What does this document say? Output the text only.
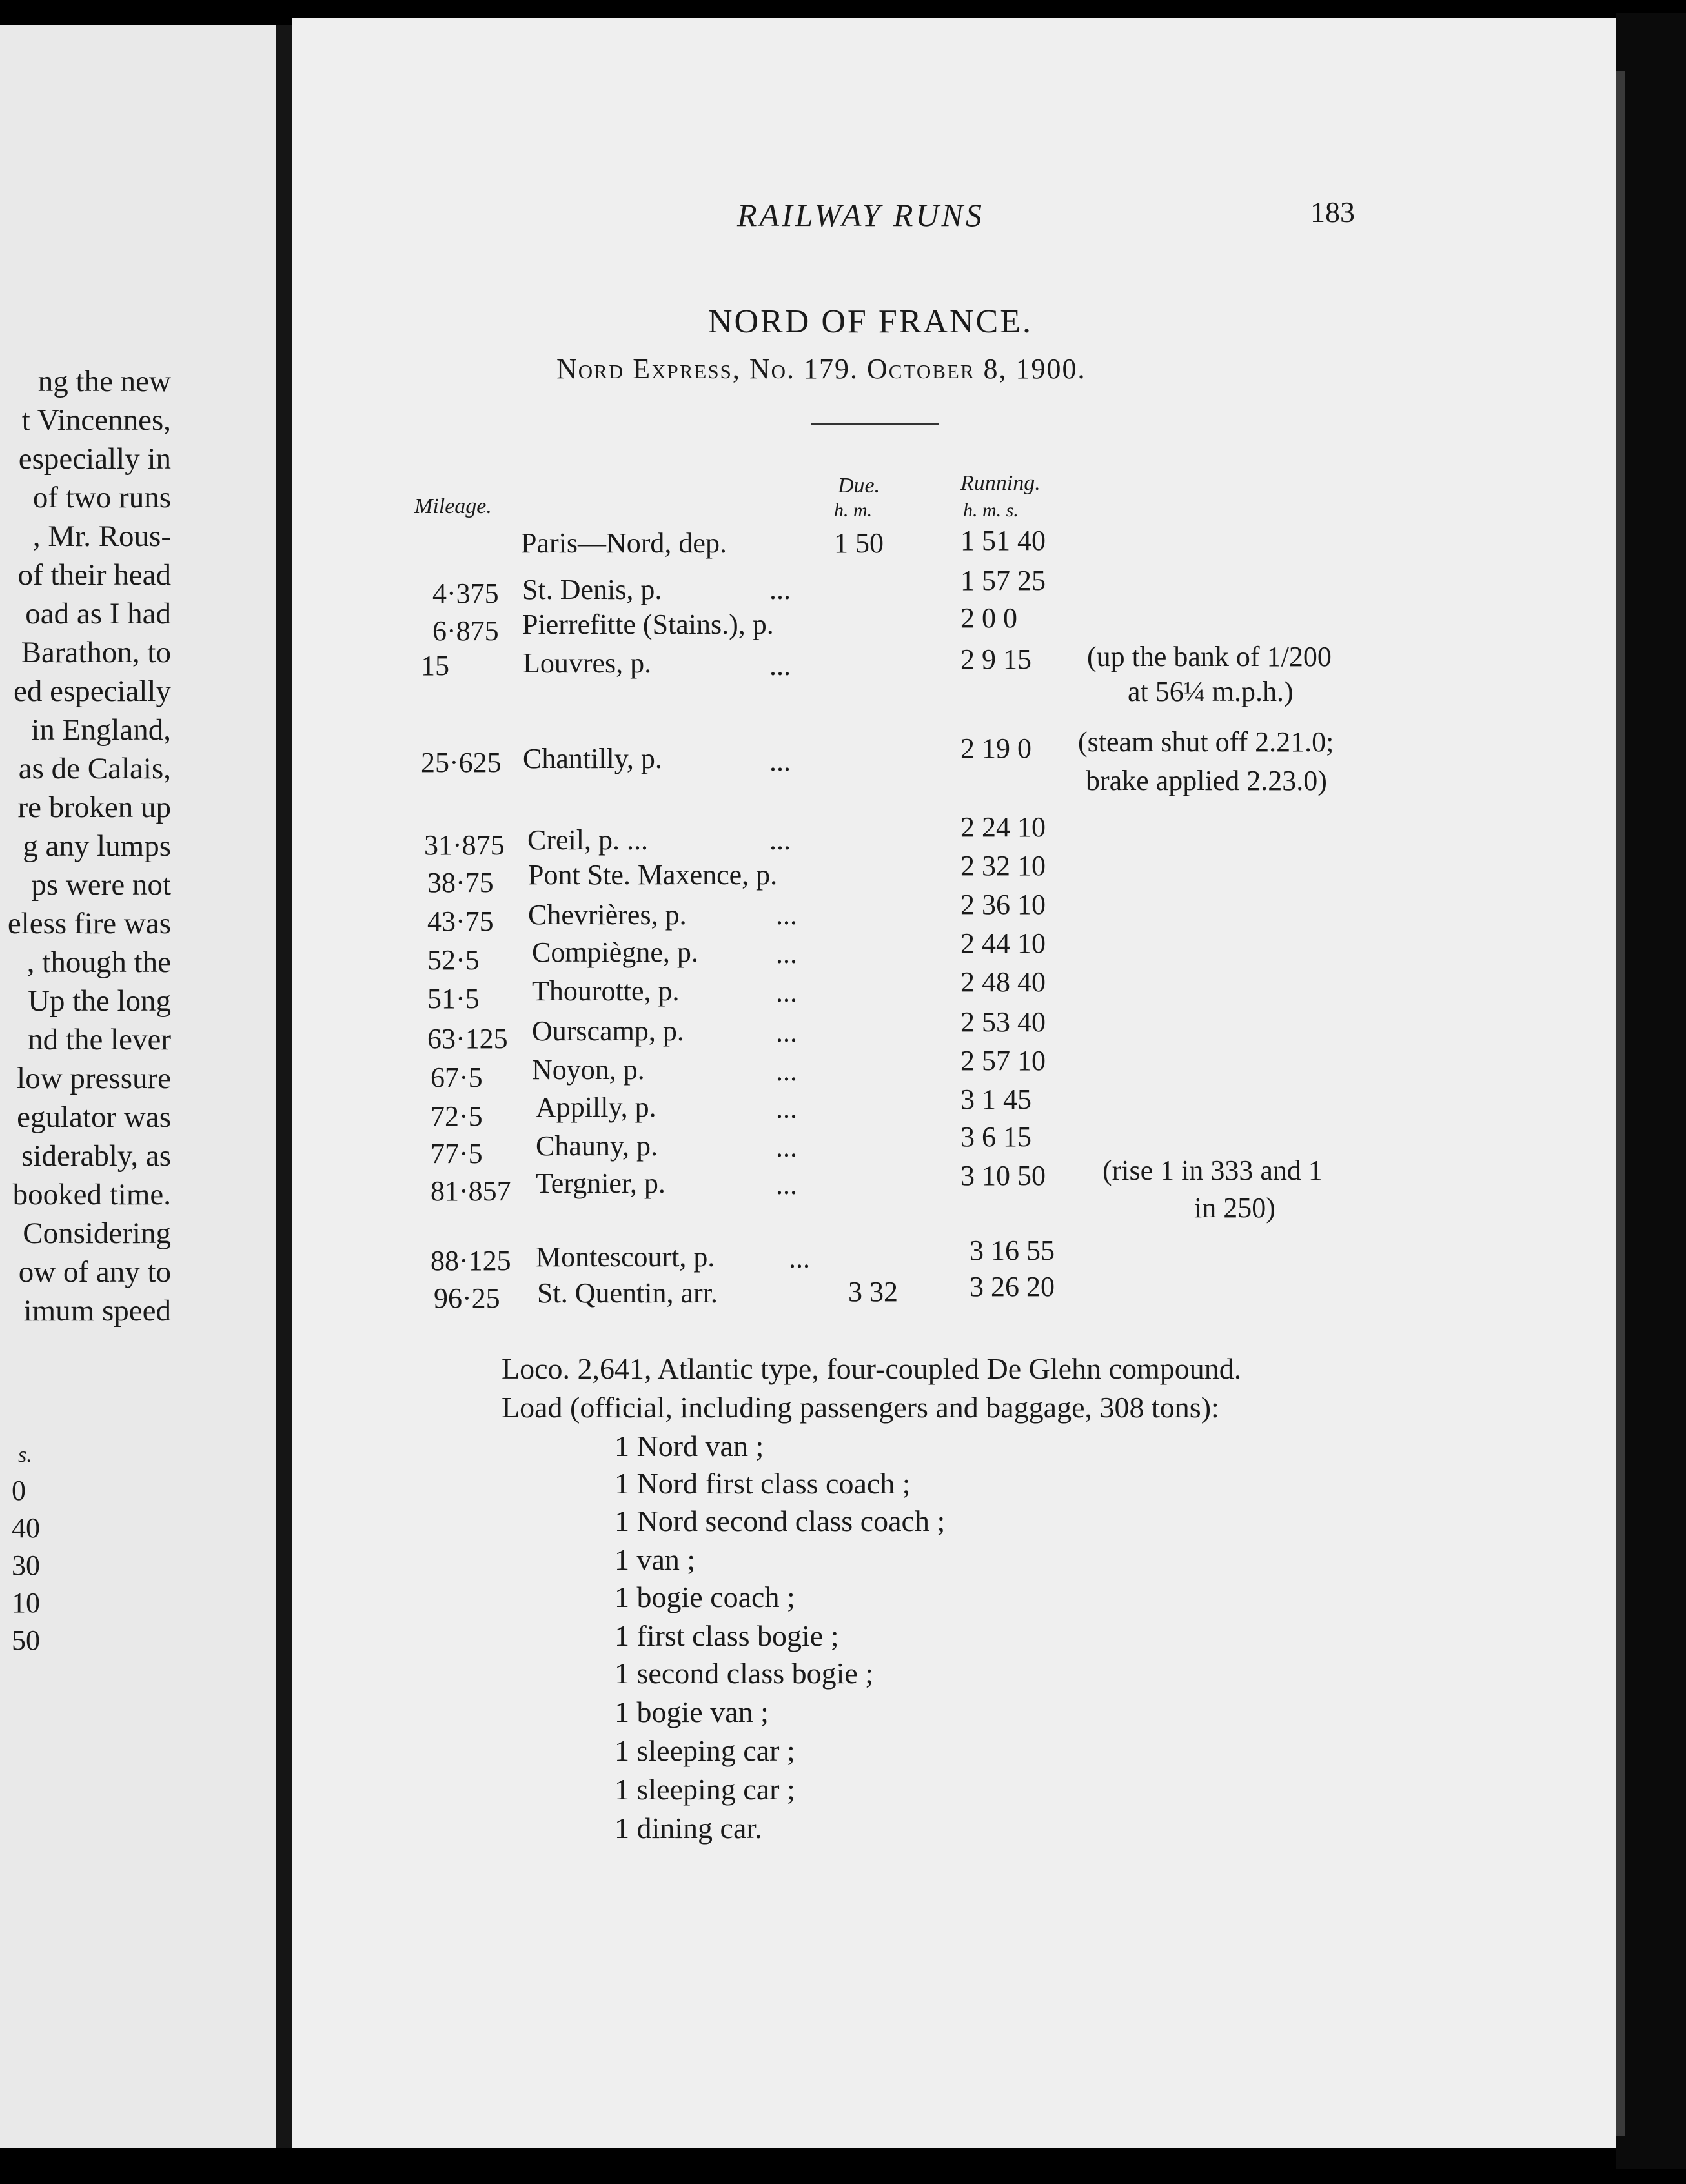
ng the new
t Vincennes,
especially in
of two runs
, Mr. Rous-
of their head
oad as I had
Barathon, to
ed especially
in England,
as de Calais,
re broken up
g any lumps
ps were not
eless fire was
, though the
Up the long
nd the lever
low pressure
egulator was
siderably, as
booked time.
Considering
ow of any to
imum speed
s.
0
40
30
10
50
RAILWAY RUNS	183
NORD OF FRANCE.
Nord Express, No. 179. October 8, 1900.
Mileage.
Due.
h. m.
Running.
h. m. s.
Paris—Nord, dep.	1 50	1 51 40
4·375 St. Denis, p.	...	1 57 25
6·875 Pierrefitte (Stains.), p.	2 0 0
15	Louvres, p.	...	2 9 15 (up the bank of 1/200
at 56¼ m.p.h.)
25·625 Chantilly, p.	...	2 19 0 (steam shut off 2.21.0;
brake applied 2.23.0)
31·875 Creil, p. ...	...	2 24 10
38·75 Pont Ste. Maxence, p.	2 32 10
43·75 Chevrières, p.	...	2 36 10
52·5 Compiègne, p.	...	2 44 10
51·5 Thourotte, p.	...	2 48 40
63·125 Ourscamp, p.	...	2 53 40
67·5 Noyon, p.	...	2 57 10
72·5 Appilly, p.	...	3 1 45
77·5 Chauny, p.	...	3 6 15
81·857 Tergnier, p.	...	3 10 50 (rise 1 in 333 and 1
in 250)
88·125 Montescourt, p.	...	3 16 55
96·25 St. Quentin, arr.	3 32	3 26 20
Loco. 2,641, Atlantic type, four-coupled De Glehn compound.
Load (official, including passengers and baggage, 308 tons):
1 Nord van ;
1 Nord first class coach ;
1 Nord second class coach ;
1 van ;
1 bogie coach ;
1 first class bogie ;
1 second class bogie ;
1 bogie van ;
1 sleeping car ;
1 sleeping car ;
1 dining car.
